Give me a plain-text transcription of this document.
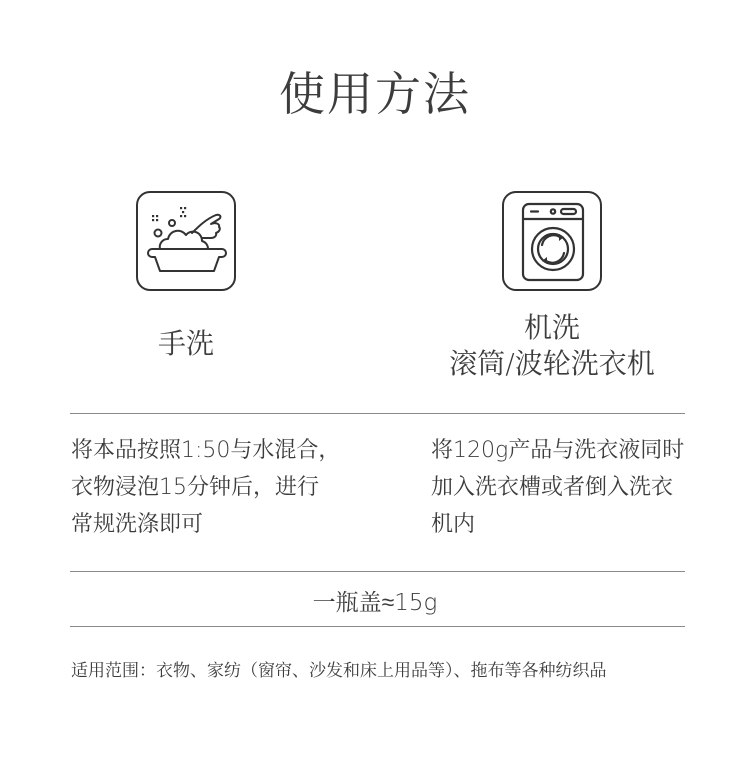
使用方法
手洗	机洗
滚筒/波轮洗衣机
将本品按照1:50与水混合，
衣物浸泡15分钟后，进行
常规洗涤即可
将120g产品与洗衣液同时
加入洗衣槽或者倒入洗衣
机内
一瓶盖≈15g
适用范围：衣物、家纺（窗帘、沙发和床上用品等）、拖布等各种纺织品
